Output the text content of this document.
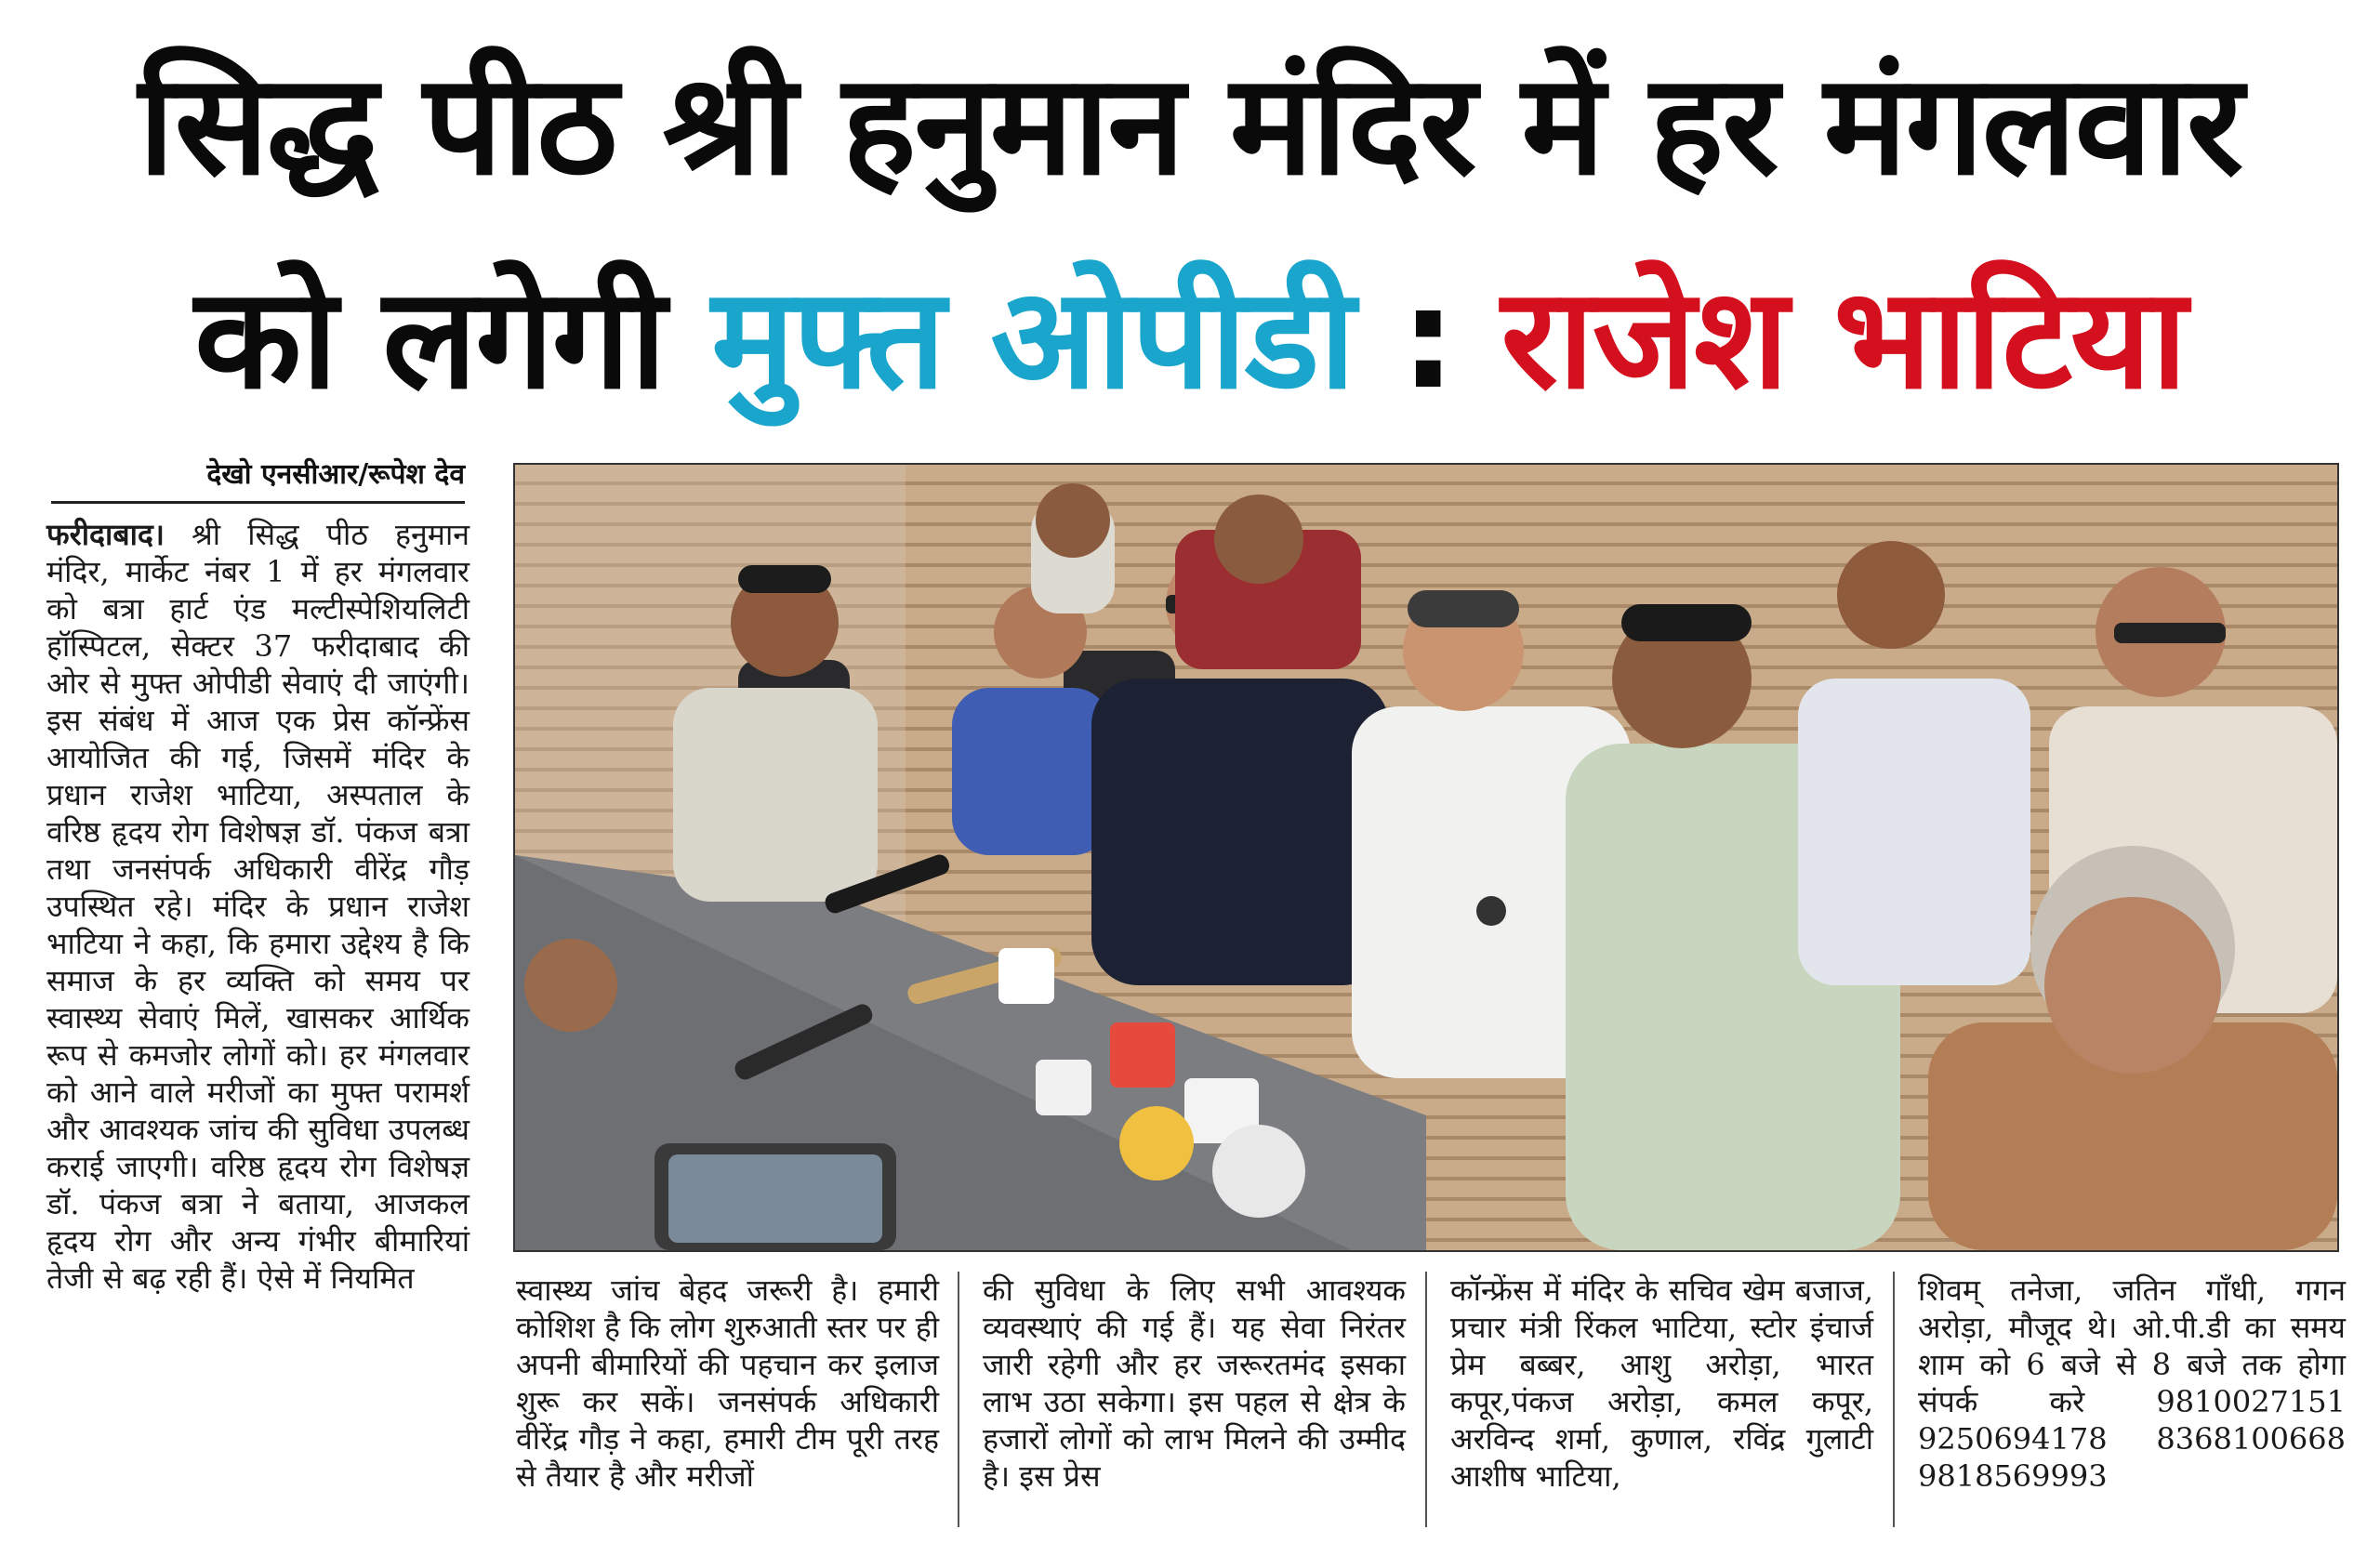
सिद्ध पीठ श्री हनुमान मंदिर में हर मंगलवार
को लगेगी मुफ्त ओपीडी : राजेश भाटिया
देखो एनसीआर/रूपेश देव
फरीदाबाद। श्री सिद्ध पीठ हनुमान मंदिर, मार्केट नंबर 1 में हर मंगलवार को बत्रा हार्ट एंड मल्टीस्पेशियलिटी हॉस्पिटल, सेक्टर 37 फरीदाबाद की ओर से मुफ्त ओपीडी सेवाएं दी जाएंगी। इस संबंध में आज एक प्रेस कॉन्फ्रेंस आयोजित की गई, जिसमें मंदिर के प्रधान राजेश भाटिया, अस्पताल के वरिष्ठ हृदय रोग विशेषज्ञ डॉ. पंकज बत्रा तथा जनसंपर्क अधिकारी वीरेंद्र गौड़ उपस्थित रहे। मंदिर के प्रधान राजेश भाटिया ने कहा, कि हमारा उद्देश्य है कि समाज के हर व्यक्ति को समय पर स्वास्थ्य सेवाएं मिलें, खासकर आर्थिक रूप से कमजोर लोगों को। हर मंगलवार को आने वाले मरीजों का मुफ्त परामर्श और आवश्यक जांच की सुविधा उपलब्ध कराई जाएगी। वरिष्ठ हृदय रोग विशेषज्ञ डॉ. पंकज बत्रा ने बताया, आजकल हृदय रोग और अन्य गंभीर बीमारियां तेजी से बढ़ रही हैं। ऐसे में नियमित	स्वास्थ्य जांच बेहद जरूरी है। हमारी कोशिश है कि लोग शुरुआती स्तर पर ही अपनी बीमारियों की पहचान कर इलाज शुरू कर सकें। जनसंपर्क अधिकारी वीरेंद्र गौड़ ने कहा, हमारी टीम पूरी तरह से तैयार है और मरीजों
की सुविधा के लिए सभी आवश्यक व्यवस्थाएं की गई हैं। यह सेवा निरंतर जारी रहेगी और हर जरूरतमंद इसका लाभ उठा सकेगा। इस पहल से क्षेत्र के हजारों लोगों को लाभ मिलने की उम्मीद है। इस प्रेस
कॉन्फ्रेंस में मंदिर के सचिव खेम बजाज, प्रचार मंत्री रिंकल भाटिया, स्टोर इंचार्ज प्रेम बब्बर, आशु अरोड़ा, भारत कपूर,पंकज अरोड़ा, कमल कपूर, अरविन्द शर्मा, कुणाल, रविंद्र गुलाटी आशीष भाटिया,
शिवम् तनेजा, जतिन गाँधी, गगन अरोड़ा, मौजूद थे। ओ.पी.डी का समय शाम को 6 बजे से 8 बजे तक होगा संपर्क करे 9810027151 9250694178 8368100668 9818569993
